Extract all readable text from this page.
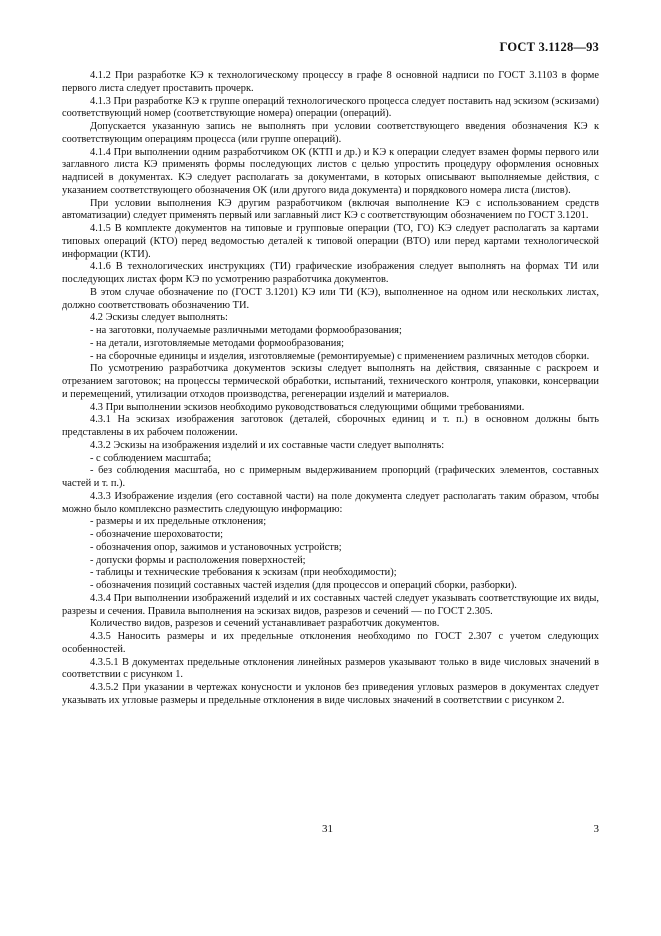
ГОСТ 3.1128—93

4.1.2 При разработке КЭ к технологическому процессу в графе 8 основной надписи по ГОСТ 3.1103 в форме первого листа следует проставить прочерк.

4.1.3 При разработке КЭ к группе операций технологического процесса следует поставить над эскизом (эскизами) соответствующий номер (соответствующие номера) операции (операций).

Допускается указанную запись не выполнять при условии соответствующего введения обозначения КЭ к соответствующим операциям процесса (или группе операций).

4.1.4 При выполнении одним разработчиком ОК (КТП и др.) и КЭ к операции следует взамен формы первого или заглавного листа КЭ применять формы последующих листов с целью упростить процедуру оформления основных надписей в документах. КЭ следует располагать за документами, в которых описывают выполняемые действия, с указанием соответствующего обозначения ОК (или другого вида документа) и порядкового номера листа (листов).

При условии выполнения КЭ другим разработчиком (включая выполнение КЭ с использованием средств автоматизации) следует применять первый или заглавный лист КЭ с соответствующим обозначением по ГОСТ 3.1201.

4.1.5 В комплекте документов на типовые и групповые операции (ТО, ГО) КЭ следует располагать за картами типовых операций (КТО) перед ведомостью деталей к типовой операции (ВТО) или перед картами технологической информации (КТИ).

4.1.6 В технологических инструкциях (ТИ) графические изображения следует выполнять на формах ТИ или последующих листах форм КЭ по усмотрению разработчика документов.

В этом случае обозначение по (ГОСТ 3.1201) КЭ или ТИ (КЭ), выполненное на одном или нескольких листах, должно соответствовать обозначению ТИ.

4.2 Эскизы следует выполнять:

- на заготовки, получаемые различными методами формообразования;

- на детали, изготовляемые методами формообразования;

- на сборочные единицы и изделия, изготовляемые (ремонтируемые) с применением различных методов сборки.

По усмотрению разработчика документов эскизы следует выполнять на действия, связанные с раскроем и отрезанием заготовок; на процессы термической обработки, испытаний, технического контроля, упаковки, консервации и перемещений, утилизации отходов производства, регенерации изделий и материалов.

4.3 При выполнении эскизов необходимо руководствоваться следующими общими требованиями.

4.3.1 На эскизах изображения заготовок (деталей, сборочных единиц и т. п.) в основном должны быть представлены в их рабочем положении.

4.3.2 Эскизы на изображения изделий и их составные части следует выполнять:

- с соблюдением масштаба;

- без соблюдения масштаба, но с примерным выдерживанием пропорций (графических элементов, составных частей и т. п.).

4.3.3 Изображение изделия (его составной части) на поле документа следует располагать таким образом, чтобы можно было комплексно разместить следующую информацию:

- размеры и их предельные отклонения;

- обозначение шероховатости;

- обозначения опор, зажимов и установочных устройств;

- допуски формы и расположения поверхностей;

- таблицы и технические требования к эскизам (при необходимости);

- обозначения позиций составных частей изделия (для процессов и операций сборки, разборки).

4.3.4 При выполнении изображений изделий и их составных частей следует указывать соответствующие их виды, разрезы и сечения. Правила выполнения на эскизах видов, разрезов и сечений — по ГОСТ 2.305.

Количество видов, разрезов и сечений устанавливает разработчик документов.

4.3.5 Наносить размеры и их предельные отклонения необходимо по ГОСТ 2.307 с учетом следующих особенностей.

4.3.5.1 В документах предельные отклонения линейных размеров указывают только в виде числовых значений в соответствии с рисунком 1.

4.3.5.2 При указании в чертежах конусности и уклонов без приведения угловых размеров в документах следует указывать их угловые размеры и предельные отклонения в виде числовых значений в соответствии с рисунком 2.

31	3
